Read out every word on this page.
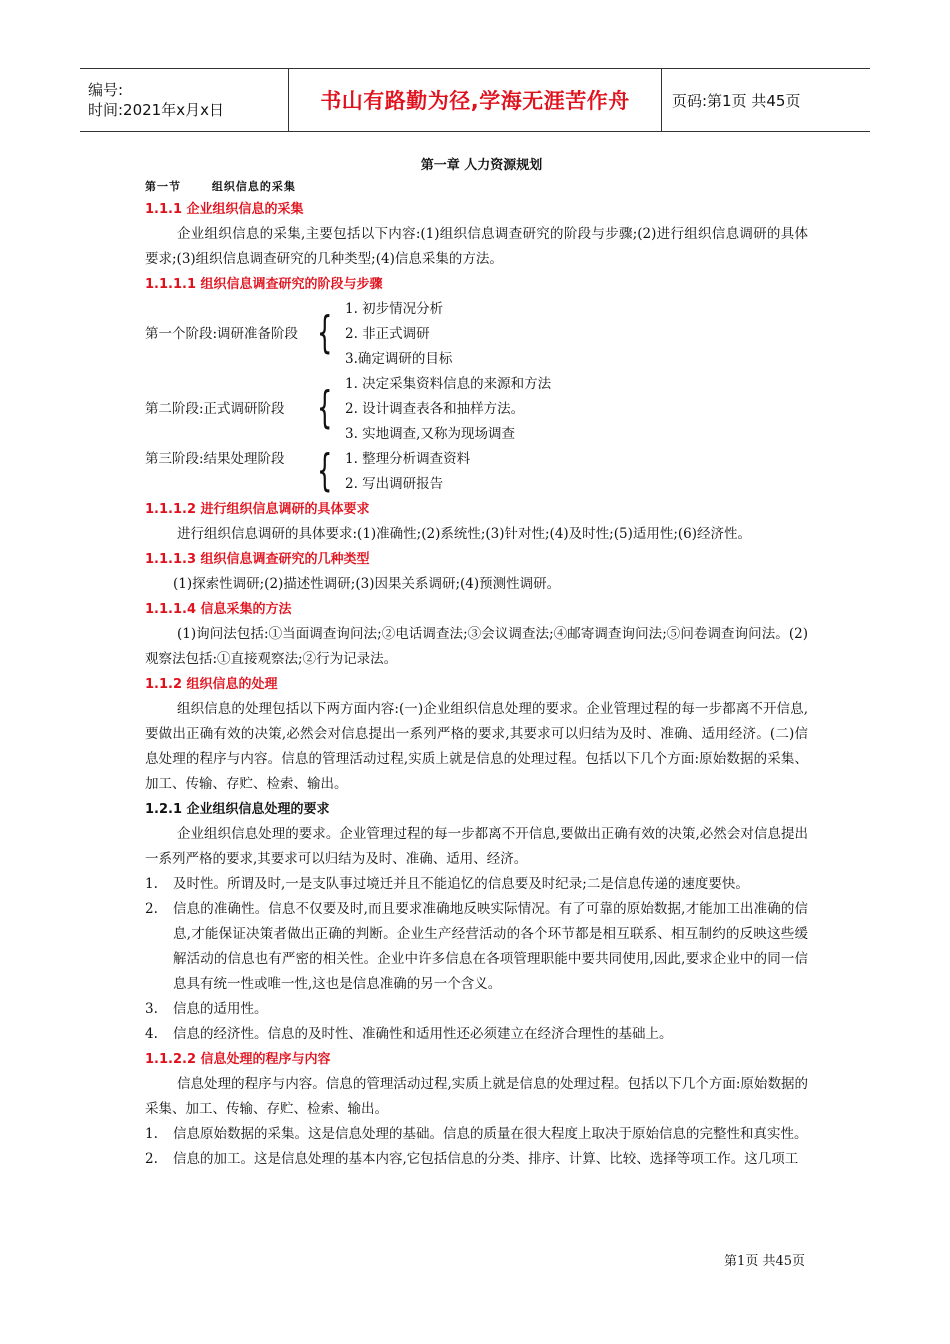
编号:
时间:2021年x月x日	书山有路勤为径,学海无涯苦作舟	页码:第1页 共45页
第一章 人力资源规划
第一节	组织信息的采集
1.1.1 企业组织信息的采集
企业组织信息的采集,主要包括以下内容:(1)组织信息调查研究的阶段与步骤;(2)进行组织信息调研的具体要求;(3)组织信息调查研究的几种类型;(4)信息采集的方法。
1.1.1.1 组织信息调查研究的阶段与步骤
第一个阶段:调研准备阶段 { 1. 初步情况分析
2. 非正式调研
3.确定调研的目标
第二阶段:正式调研阶段 { 1. 决定采集资料信息的来源和方法
2. 设计调查表各和抽样方法。
3. 实地调查,又称为现场调查
第三阶段:结果处理阶段 { 1. 整理分析调查资料
2. 写出调研报告
1.1.1.2 进行组织信息调研的具体要求
进行组织信息调研的具体要求:(1)准确性;(2)系统性;(3)针对性;(4)及时性;(5)适用性;(6)经济性。
1.1.1.3 组织信息调查研究的几种类型
(1)探索性调研;(2)描述性调研;(3)因果关系调研;(4)预测性调研。
1.1.1.4 信息采集的方法
(1)询问法包括:①当面调查询问法;②电话调查法;③会议调查法;④邮寄调查询问法;⑤问卷调查询问法。(2)观察法包括:①直接观察法;②行为记录法。
1.1.2 组织信息的处理
组织信息的处理包括以下两方面内容:(一)企业组织信息处理的要求。企业管理过程的每一步都离不开信息,要做出正确有效的决策,必然会对信息提出一系列严格的要求,其要求可以归结为及时、准确、适用经济。(二)信息处理的程序与内容。信息的管理活动过程,实质上就是信息的处理过程。包括以下几个方面:原始数据的采集、加工、传输、存贮、检索、输出。
1.2.1 企业组织信息处理的要求
企业组织信息处理的要求。企业管理过程的每一步都离不开信息,要做出正确有效的决策,必然会对信息提出一系列严格的要求,其要求可以归结为及时、准确、适用、经济。
1.	及时性。所谓及时,一是支队事过境迁并且不能追忆的信息要及时纪录;二是信息传递的速度要快。
2.	信息的准确性。信息不仅要及时,而且要求准确地反映实际情况。有了可靠的原始数据,才能加工出准确的信息,才能保证决策者做出正确的判断。企业生产经营活动的各个环节都是相互联系、相互制约的反映这些缓解活动的信息也有严密的相关性。企业中许多信息在各项管理职能中要共同使用,因此,要求企业中的同一信息具有统一性或唯一性,这也是信息准确的另一个含义。
3.	信息的适用性。
4.	信息的经济性。信息的及时性、准确性和适用性还必须建立在经济合理性的基础上。
1.1.2.2 信息处理的程序与内容
信息处理的程序与内容。信息的管理活动过程,实质上就是信息的处理过程。包括以下几个方面:原始数据的采集、加工、传输、存贮、检索、输出。
1.	信息原始数据的采集。这是信息处理的基础。信息的质量在很大程度上取决于原始信息的完整性和真实性。
2.	信息的加工。这是信息处理的基本内容,它包括信息的分类、排序、计算、比较、选择等项工作。这几项工
第1页 共45页
